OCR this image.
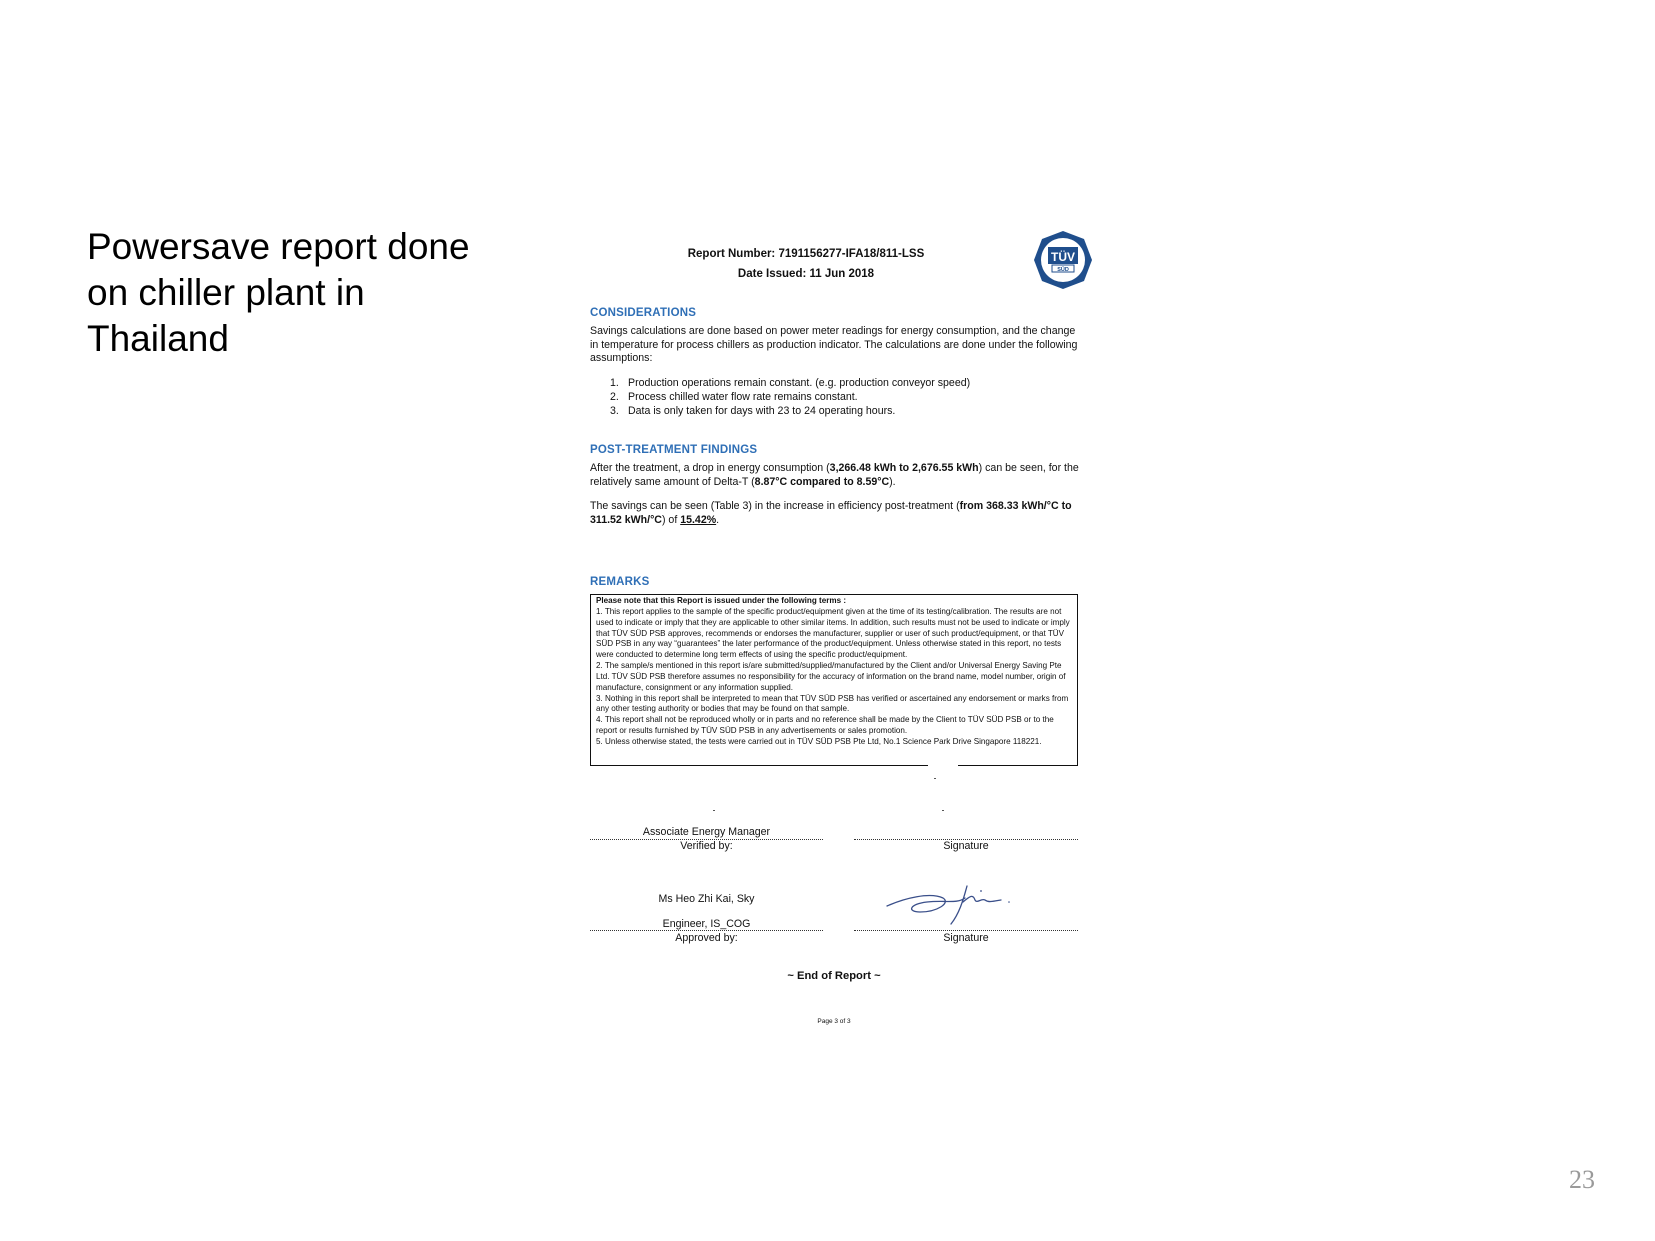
Powersave report done on chiller plant in Thailand
Report Number: 7191156277-IFA18/811-LSS
Date Issued: 11 Jun 2018
TÜV
SÜD
CONSIDERATIONS
Savings calculations are done based on power meter readings for energy consumption, and the change in temperature for process chillers as production indicator. The calculations are done under the following assumptions:
1. Production operations remain constant. (e.g. production conveyor speed)
2. Process chilled water flow rate remains constant.
3. Data is only taken for days with 23 to 24 operating hours.
POST-TREATMENT FINDINGS
After the treatment, a drop in energy consumption (3,266.48 kWh to 2,676.55 kWh) can be seen, for the relatively same amount of Delta-T (8.87°C compared to 8.59°C).
The savings can be seen (Table 3) in the increase in efficiency post-treatment (from 368.33 kWh/°C to 311.52 kWh/°C) of 15.42%.
REMARKS
Please note that this Report is issued under the following terms :
1. This report applies to the sample of the specific product/equipment given at the time of its testing/calibration. The results are not used to indicate or imply that they are applicable to other similar items. In addition, such results must not be used to indicate or imply that TÜV SÜD PSB approves, recommends or endorses the manufacturer, supplier or user of such product/equipment, or that TÜV SÜD PSB in any way “guarantees” the later performance of the product/equipment. Unless otherwise stated in this report, no tests were conducted to determine long term effects of using the specific product/equipment.
2. The sample/s mentioned in this report is/are submitted/supplied/manufactured by the Client and/or Universal Energy Saving Pte Ltd. TÜV SÜD PSB therefore assumes no responsibility for the accuracy of information on the brand name, model number, origin of manufacture, consignment or any information supplied.
3. Nothing in this report shall be interpreted to mean that TÜV SÜD PSB has verified or ascertained any endorsement or marks from any other testing authority or bodies that may be found on that sample.
4. This report shall not be reproduced wholly or in parts and no reference shall be made by the Client to TÜV SÜD PSB or to the report or results furnished by TÜV SÜD PSB in any advertisements or sales promotion.
5. Unless otherwise stated, the tests were carried out in TÜV SÜD PSB Pte Ltd, No.1 Science Park Drive Singapore 118221.
Associate Energy Manager
Verified by:	Signature
Ms Heo Zhi Kai, Sky
Engineer, IS_COG
Approved by:	Signature
~ End of Report ~
Page 3 of 3
23
